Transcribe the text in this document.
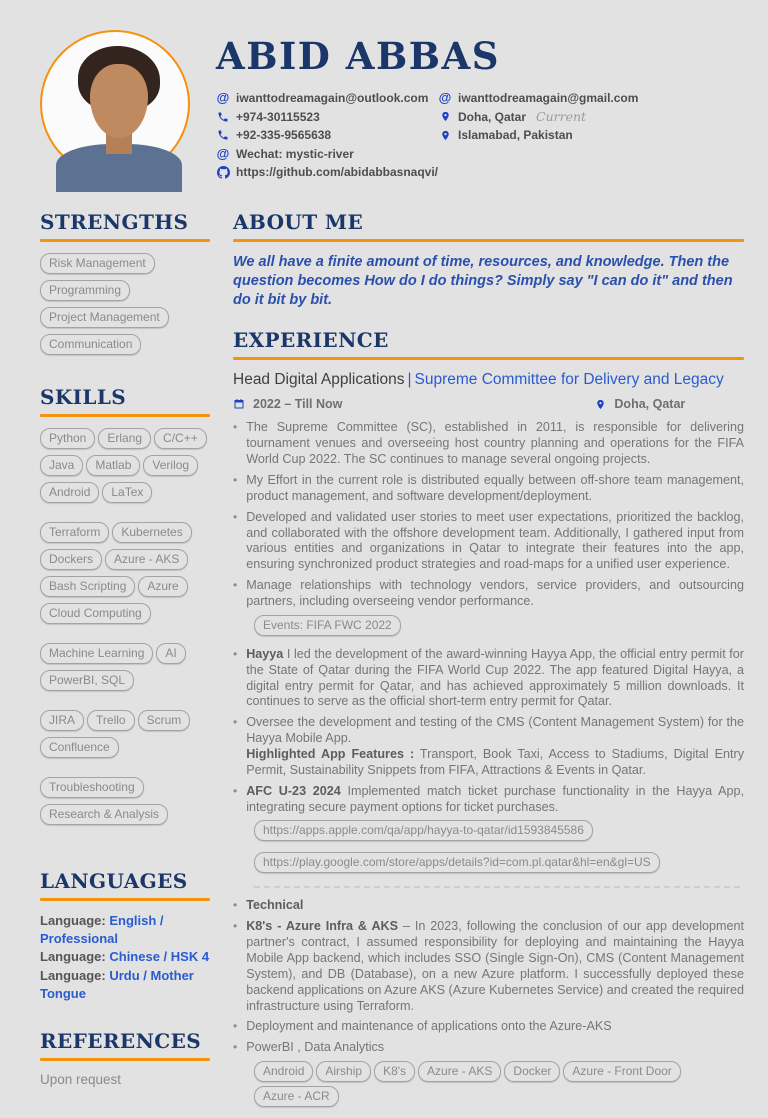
ABID ABBAS
@ iwanttodreamagain@outlook.com @ iwanttodreamagain@gmail.com
+974-30115523	Doha, Qatar Current
+92-335-9565638	Islamabad, Pakistan
@ Wechat: mystic-river
https://github.com/abidabbasnaqvi/
STRENGTHS
Risk ManagementProgrammingProject ManagementCommunication
SKILLS
Python Erlang C/C++Java Matlab VerilogAndroid LaTex
Terraform KubernetesDockers Azure - AKSBash Scripting AzureCloud Computing
Machine Learning AIPowerBI, SQL
JIRA Trello ScrumConfluence
TroubleshootingResearch & Analysis
LANGUAGES
Language: English / Professional
Language: Chinese / HSK 4
Language: Urdu / Mother Tongue
REFERENCES
Upon request
ABOUT ME

We all have a finite amount of time, resources, and knowledge. Then the question becomes How do I do things? Simply say "I can do it" and then do it bit by bit.

EXPERIENCE
Head Digital Applications | Supreme Committee for Delivery and Legacy
2022 – Till Now	Doha, Qatar
• The Supreme Committee (SC), established in 2011, is responsible for delivering tournament venues and overseeing host country planning and operations for the FIFA World Cup 2022. The SC continues to manage several ongoing projects.
• My Effort in the current role is distributed equally between off-shore team management, product management, and software development/deployment.
• Developed and validated user stories to meet user expectations, prioritized the backlog, and collaborated with the offshore development team. Additionally, I gathered input from various entities and organizations in Qatar to integrate their features into the app, ensuring synchronized product strategies and road-maps for a unified user experience.
• Manage relationships with technology vendors, service providers, and outsourcing partners, including overseeing vendor performance.
Events: FIFA FWC 2022
• Hayya I led the development of the award-winning Hayya App, the official entry permit for the State of Qatar during the FIFA World Cup 2022. The app featured Digital Hayya, a digital entry permit for Qatar, and has achieved approximately 5 million downloads. It continues to serve as the official short-term entry permit for Qatar.
• Oversee the development and testing of the CMS (Content Management System) for the Hayya Mobile App.
Highlighted App Features : Transport, Book Taxi, Access to Stadiums, Digital Entry Permit, Sustainability Snippets from FIFA, Attractions & Events in Qatar.
• AFC U-23 2024 Implemented match ticket purchase functionality in the Hayya App, integrating secure payment options for ticket purchases.
https://apps.apple.com/qa/app/hayya-to-qatar/id1593845586
https://play.google.com/store/apps/details?id=com.pl.qatar&hl=en&gl=US
• Technical
• K8's - Azure Infra & AKS – In 2023, following the conclusion of our app development partner's contract, I assumed responsibility for deploying and maintaining the Hayya Mobile App backend, which includes SSO (Single Sign-On), CMS (Content Management System), and DB (Database), on a new Azure platform. I successfully deployed these backend applications on Azure AKS (Azure Kubernetes Service) and created the required infrastructure using Terraform.
• Deployment and maintenance of applications onto the Azure-AKS
• PowerBI , Data Analytics
Android Airship K8's Azure - AKS Docker Azure - Front DoorAzure - ACR
